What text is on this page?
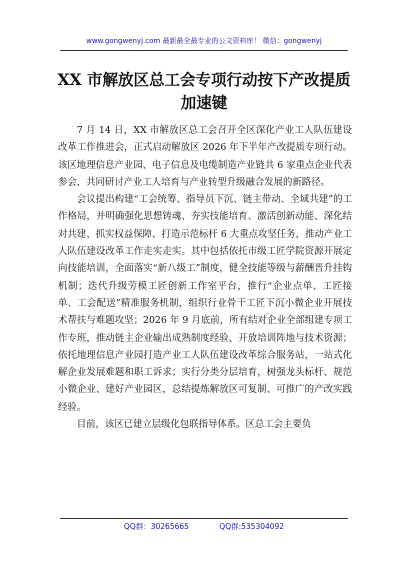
www.gongwenyj.com 最新最全最专业的公文资料库！ 微信：gongwenyj
XX 市解放区总工会专项行动按下产改提质加速键

7 月 14 日，XX 市解放区总工会召开全区深化产业工人队伍建设改革工作推进会，正式启动解放区 2026 年下半年产改提质专项行动。该区地理信息产业园、电子信息及电缆制造产业链共 6 家重点企业代表参会，共同研讨产业工人培育与产业转型升级融合发展的新路径。

会议提出构建“工会统筹、指导员下沉、链主带动、全域共建”的工作格局，并明确强化思想铸魂、夯实技能培育、激活创新动能、深化结对共建、抓实权益保障、打造示范标杆 6 大重点攻坚任务，推动产业工人队伍建设改革工作走实走实。其中包括依托市级工匠学院资源开展定向技能培训，全面落实“新八级工”制度，健全技能等级与薪酬晋升挂钩机制；迭代升级劳模工匠创新工作室平台，推行“企业点单、工匠接单、工会配送”精准服务机制，组织行业骨干工匠下沉小微企业开展技术帮扶与难题攻坚；2026 年 9 月底前，所有结对企业全部组建专项工作专班，推动链主企业输出成熟制度经验、开放培训阵地与技术资源；依托地理信息产业园打造产业工人队伍建设改革综合服务站，一站式化解企业发展难题和职工诉求；实行分类分层培育，树强龙头标杆、规范小微企业、建好产业园区，总结提炼解放区可复制、可推广的产改实践经验。

目前，该区已建立层级化包联指导体系。区总工会主要负

QQ群：30265665	QQ群:535304092
